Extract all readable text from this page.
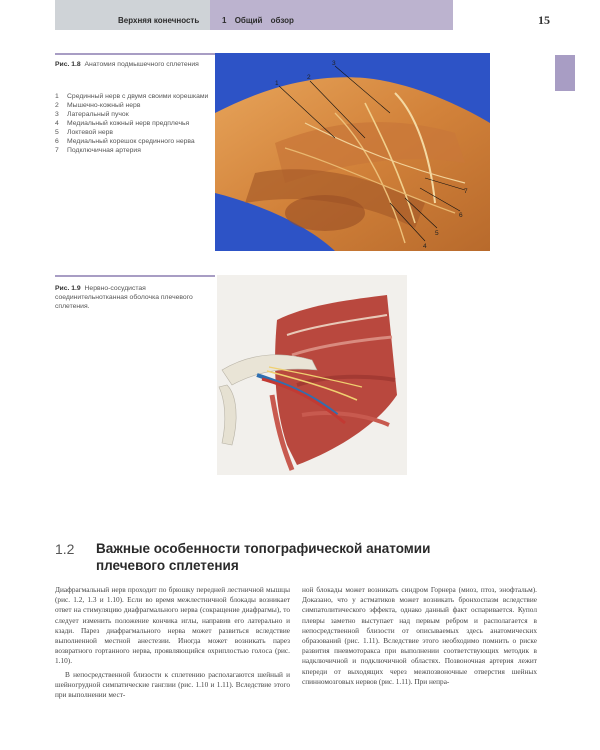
Верхняя конечность	1 Общий обзор	15
Рис. 1.8 Анатомия подмышечного сплетения
1	Срединный нерв с двумя своими корешками
2	Мышечно-кожный нерв
3	Латеральный пучок
4	Медиальный кожный нерв предплечья
5	Локтевой нерв
6	Медиальный корешок срединного нерва
7	Подключичная артерия
1
2
3
4
5
6
7
Рис. 1.9 Нервно-сосудистая соединительнотканная оболочка плечевого сплетения.
1.2 Важные особенности топографической анатомии плечевого сплетения

Диафрагмальный нерв проходит по брюшку передней лестничной мышцы (рис. 1.2, 1.3 и 1.10). Если во время межлестничной блокады возникает ответ на стимуляцию диафрагмального нерва (сокращение диафрагмы), то следует изменить положение кончика иглы, направив его латерально и кзади. Парез диафрагмального нерва может развиться вследствие выполненной местной анестезии. Иногда может возникать парез возвратного гортанного нерва, проявляющийся охриплостью голоса (рис. 1.10).

В непосредственной близости к сплетению располагаются шейный и шейногрудной симпатические ганглии (рис. 1.10 и 1.11). Вследствие этого при выполнении мест-

ной блокады может возникать синдром Горнера (миоз, птоз, энофтальм). Доказано, что у астматиков может возникать бронхоспазм вследствие симпатолитического эффекта, однако данный факт оспаривается. Купол плевры заметно выступает над первым ребром и располагается в непосредственной близости от описываемых здесь анатомических образований (рис. 1.11). Вследствие этого необходимо помнить о риске развития пневмоторакса при выполнении соответствующих методик в надключичной и подключичной областях. Позвоночная артерия лежит кпереди от выходящих через межпозвоночные отверстия шейных спинномозговых нервов (рис. 1.11). При непра-
